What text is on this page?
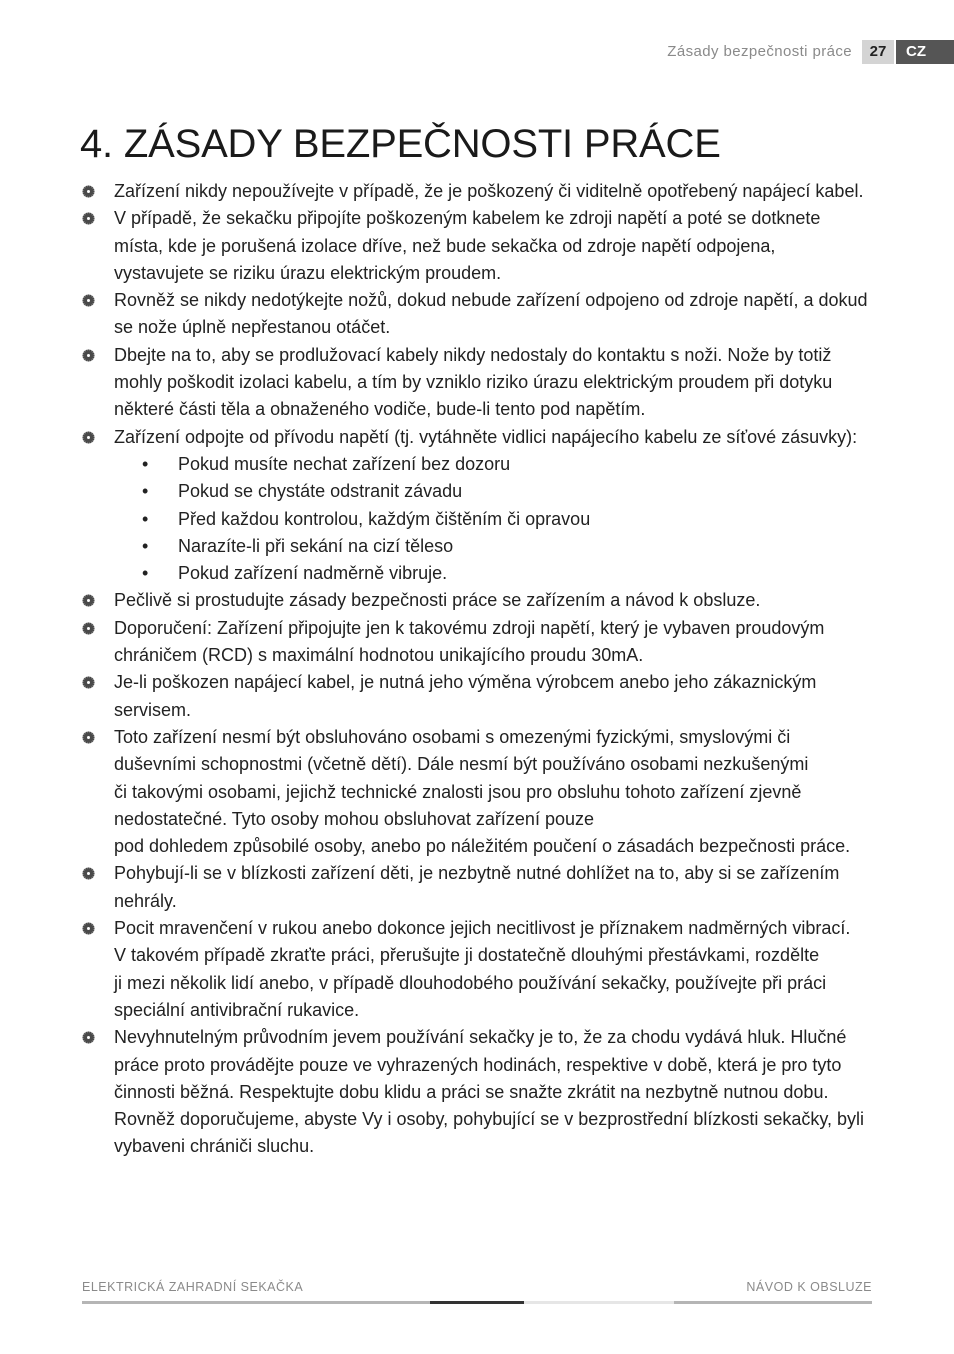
Zásady bezpečnosti práce	27	CZ
4. ZÁSADY BEZPEČNOSTI PRÁCE
Zařízení nikdy nepoužívejte v případě, že je poškozený či viditelně opotřebený napájecí kabel.
V případě, že sekačku připojíte poškozeným kabelem ke zdroji napětí a poté se dotknete
místa, kde je porušená izolace dříve, než bude sekačka od zdroje napětí odpojena,
vystavujete se riziku úrazu elektrickým proudem.
Rovněž se nikdy nedotýkejte nožů, dokud nebude zařízení odpojeno od zdroje napětí, a dokud
se nože úplně nepřestanou otáčet.
Dbejte na to, aby se prodlužovací kabely nikdy nedostaly do kontaktu s noži. Nože by totiž
mohly poškodit izolaci kabelu, a tím by vzniklo riziko úrazu elektrickým proudem při dotyku
některé části těla a obnaženého vodiče, bude-li tento pod napětím.
Zařízení odpojte od přívodu napětí (tj. vytáhněte vidlici napájecího kabelu ze síťové zásuvky):
• Pokud musíte nechat zařízení bez dozoru
• Pokud se chystáte odstranit závadu
• Před každou kontrolou, každým čištěním či opravou
• Narazíte-li při sekání na cizí těleso
• Pokud zařízení nadměrně vibruje.
Pečlivě si prostudujte zásady bezpečnosti práce se zařízením a návod k obsluze.
Doporučení: Zařízení připojujte jen k takovému zdroji napětí, který je vybaven proudovým
chráničem (RCD) s maximální hodnotou unikajícího proudu 30mA.
Je-li poškozen napájecí kabel, je nutná jeho výměna výrobcem anebo jeho zákaznickým
servisem.
Toto zařízení nesmí být obsluhováno osobami s omezenými fyzickými, smyslovými či
duševními schopnostmi (včetně dětí). Dále nesmí být používáno osobami nezkušenými
či takovými osobami, jejichž technické znalosti jsou pro obsluhu tohoto zařízení zjevně
nedostatečné. Tyto osoby mohou obsluhovat zařízení pouze
pod dohledem způsobilé osoby, anebo po náležitém poučení o zásadách bezpečnosti práce.
Pohybují-li se v blízkosti zařízení děti, je nezbytně nutné dohlížet na to, aby si se zařízením
nehrály.
Pocit mravenčení v rukou anebo dokonce jejich necitlivost je příznakem nadměrných vibrací.
V takovém případě zkraťte práci, přerušujte ji dostatečně dlouhými přestávkami, rozdělte
ji mezi několik lidí anebo, v případě dlouhodobého používání sekačky, používejte při práci
speciální antivibrační rukavice.
Nevyhnutelným průvodním jevem používání sekačky je to, že za chodu vydává hluk. Hlučné
práce proto provádějte pouze ve vyhrazených hodinách, respektive v době, která je pro tyto
činnosti běžná. Respektujte dobu klidu a práci se snažte zkrátit na nezbytně nutnou dobu.
Rovněž doporučujeme, abyste Vy i osoby, pohybující se v bezprostřední blízkosti sekačky, byli
vybaveni chrániči sluchu.
ELEKTRICKÁ ZAHRADNÍ SEKAČKA	NÁVOD K OBSLUZE
